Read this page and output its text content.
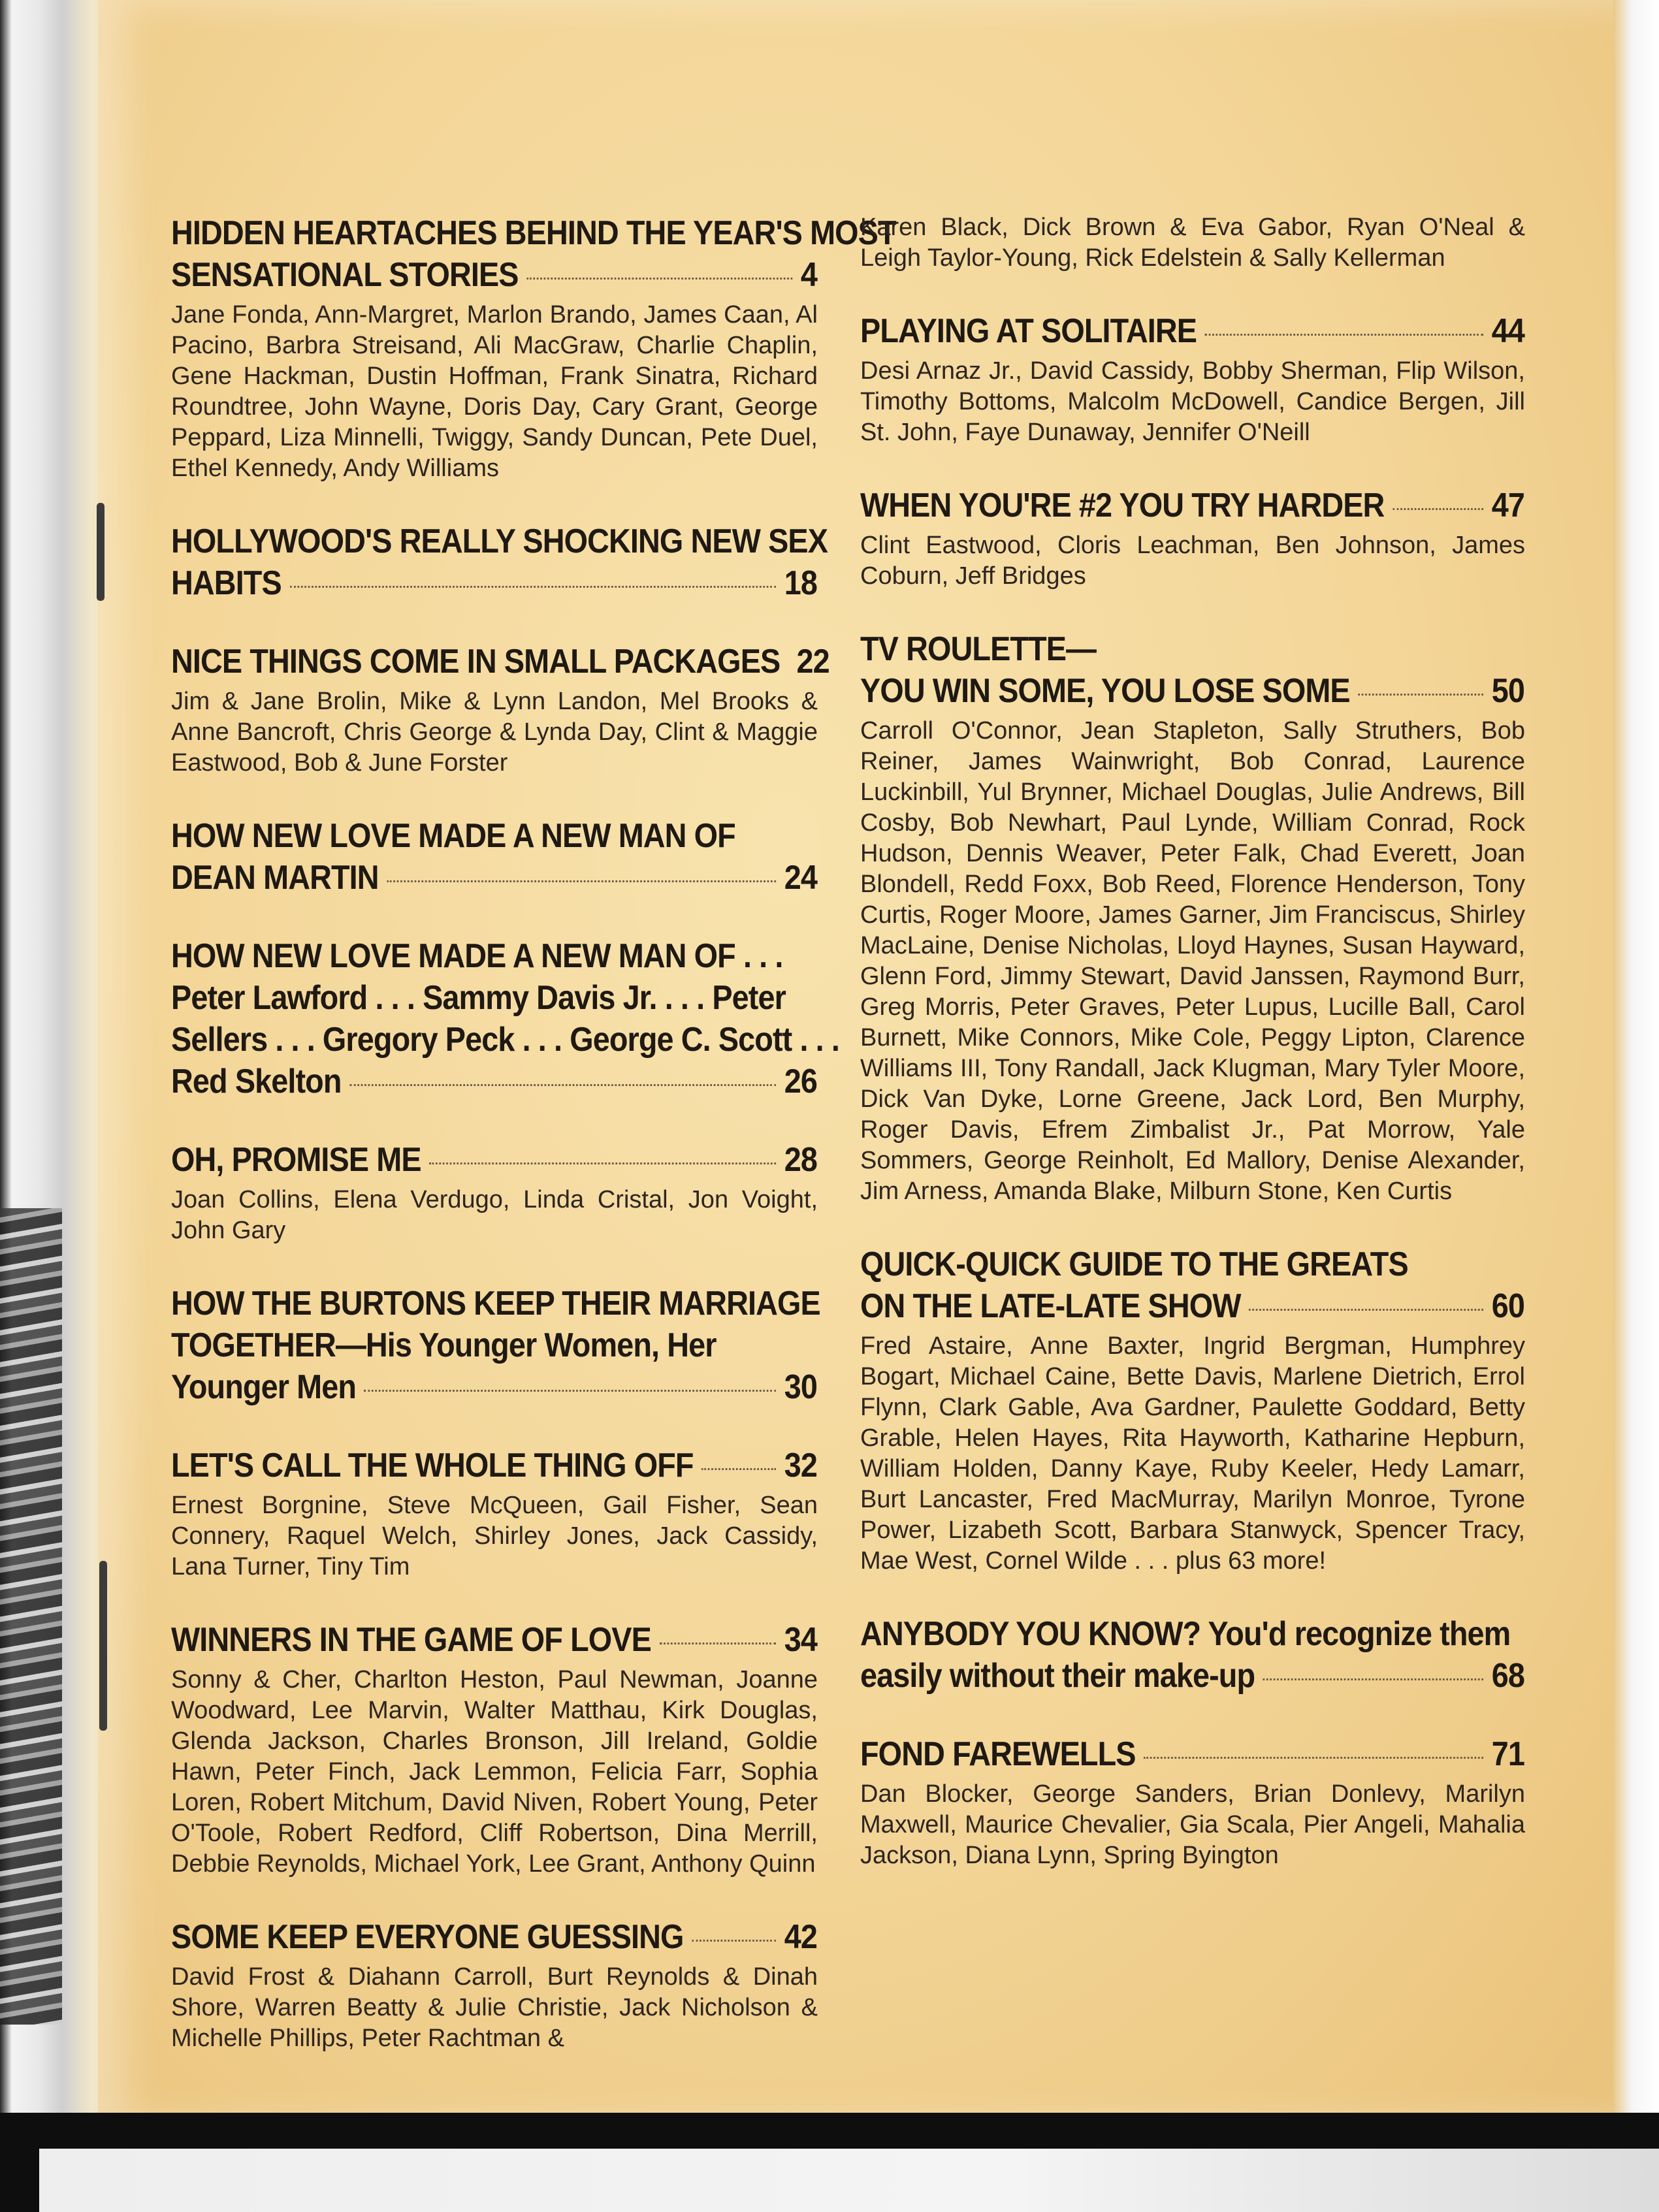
HIDDEN HEARTACHES BEHIND THE YEAR'S MOST
SENSATIONAL STORIES	4
Jane Fonda, Ann-Margret, Marlon Brando, James Caan, Al Pacino, Barbra Streisand, Ali MacGraw, Charlie Chaplin, Gene Hackman, Dustin Hoffman, Frank Sinatra, Richard Roundtree, John Wayne, Doris Day, Cary Grant, George Peppard, Liza Minnelli, Twiggy, Sandy Duncan, Pete Duel, Ethel Kennedy, Andy Williams
HOLLYWOOD'S REALLY SHOCKING NEW SEX
HABITS	18
NICE THINGS COME IN SMALL PACKAGES 22
Jim & Jane Brolin, Mike & Lynn Landon, Mel Brooks & Anne Bancroft, Chris George & Lynda Day, Clint & Maggie Eastwood, Bob & June Forster
HOW NEW LOVE MADE A NEW MAN OF
DEAN MARTIN	24
HOW NEW LOVE MADE A NEW MAN OF . . .
Peter Lawford . . . Sammy Davis Jr. . . . Peter
Sellers . . . Gregory Peck . . . George C. Scott . . .
Red Skelton	26
OH, PROMISE ME	28
Joan Collins, Elena Verdugo, Linda Cristal, Jon Voight, John Gary
HOW THE BURTONS KEEP THEIR MARRIAGE
TOGETHER—His Younger Women, Her
Younger Men	30
LET'S CALL THE WHOLE THING OFF	32
Ernest Borgnine, Steve McQueen, Gail Fisher, Sean Connery, Raquel Welch, Shirley Jones, Jack Cassidy, Lana Turner, Tiny Tim
WINNERS IN THE GAME OF LOVE	34
Sonny & Cher, Charlton Heston, Paul Newman, Joanne Woodward, Lee Marvin, Walter Matthau, Kirk Douglas, Glenda Jackson, Charles Bronson, Jill Ireland, Goldie Hawn, Peter Finch, Jack Lemmon, Felicia Farr, Sophia Loren, Robert Mitchum, David Niven, Robert Young, Peter O'Toole, Robert Redford, Cliff Robertson, Dina Merrill, Debbie Reynolds, Michael York, Lee Grant, Anthony Quinn
SOME KEEP EVERYONE GUESSING	42
David Frost & Diahann Carroll, Burt Reynolds & Dinah Shore, Warren Beatty & Julie Christie, Jack Nicholson & Michelle Phillips, Peter Rachtman &
Karen Black, Dick Brown & Eva Gabor, Ryan O'Neal & Leigh Taylor-Young, Rick Edelstein & Sally Kellerman
PLAYING AT SOLITAIRE	44
Desi Arnaz Jr., David Cassidy, Bobby Sherman, Flip Wilson, Timothy Bottoms, Malcolm McDowell, Candice Bergen, Jill St. John, Faye Dunaway, Jennifer O'Neill
WHEN YOU'RE #2 YOU TRY HARDER	47
Clint Eastwood, Cloris Leachman, Ben Johnson, James Coburn, Jeff Bridges
TV ROULETTE—
YOU WIN SOME, YOU LOSE SOME	50
Carroll O'Connor, Jean Stapleton, Sally Struthers, Bob Reiner, James Wainwright, Bob Conrad, Laurence Luckinbill, Yul Brynner, Michael Douglas, Julie Andrews, Bill Cosby, Bob Newhart, Paul Lynde, William Conrad, Rock Hudson, Dennis Weaver, Peter Falk, Chad Everett, Joan Blondell, Redd Foxx, Bob Reed, Florence Henderson, Tony Curtis, Roger Moore, James Garner, Jim Franciscus, Shirley MacLaine, Denise Nicholas, Lloyd Haynes, Susan Hayward, Glenn Ford, Jimmy Stewart, David Janssen, Raymond Burr, Greg Morris, Peter Graves, Peter Lupus, Lucille Ball, Carol Burnett, Mike Connors, Mike Cole, Peggy Lipton, Clarence Williams III, Tony Randall, Jack Klugman, Mary Tyler Moore, Dick Van Dyke, Lorne Greene, Jack Lord, Ben Murphy, Roger Davis, Efrem Zimbalist Jr., Pat Morrow, Yale Sommers, George Reinholt, Ed Mallory, Denise Alexander, Jim Arness, Amanda Blake, Milburn Stone, Ken Curtis
QUICK-QUICK GUIDE TO THE GREATS
ON THE LATE-LATE SHOW	60
Fred Astaire, Anne Baxter, Ingrid Bergman, Humphrey Bogart, Michael Caine, Bette Davis, Marlene Dietrich, Errol Flynn, Clark Gable, Ava Gardner, Paulette Goddard, Betty Grable, Helen Hayes, Rita Hayworth, Katharine Hepburn, William Holden, Danny Kaye, Ruby Keeler, Hedy Lamarr, Burt Lancaster, Fred MacMurray, Marilyn Monroe, Tyrone Power, Lizabeth Scott, Barbara Stanwyck, Spencer Tracy, Mae West, Cornel Wilde . . . plus 63 more!
ANYBODY YOU KNOW? You'd recognize them
easily without their make-up	68
FOND FAREWELLS	71
Dan Blocker, George Sanders, Brian Donlevy, Marilyn Maxwell, Maurice Chevalier, Gia Scala, Pier Angeli, Mahalia Jackson, Diana Lynn, Spring Byington
